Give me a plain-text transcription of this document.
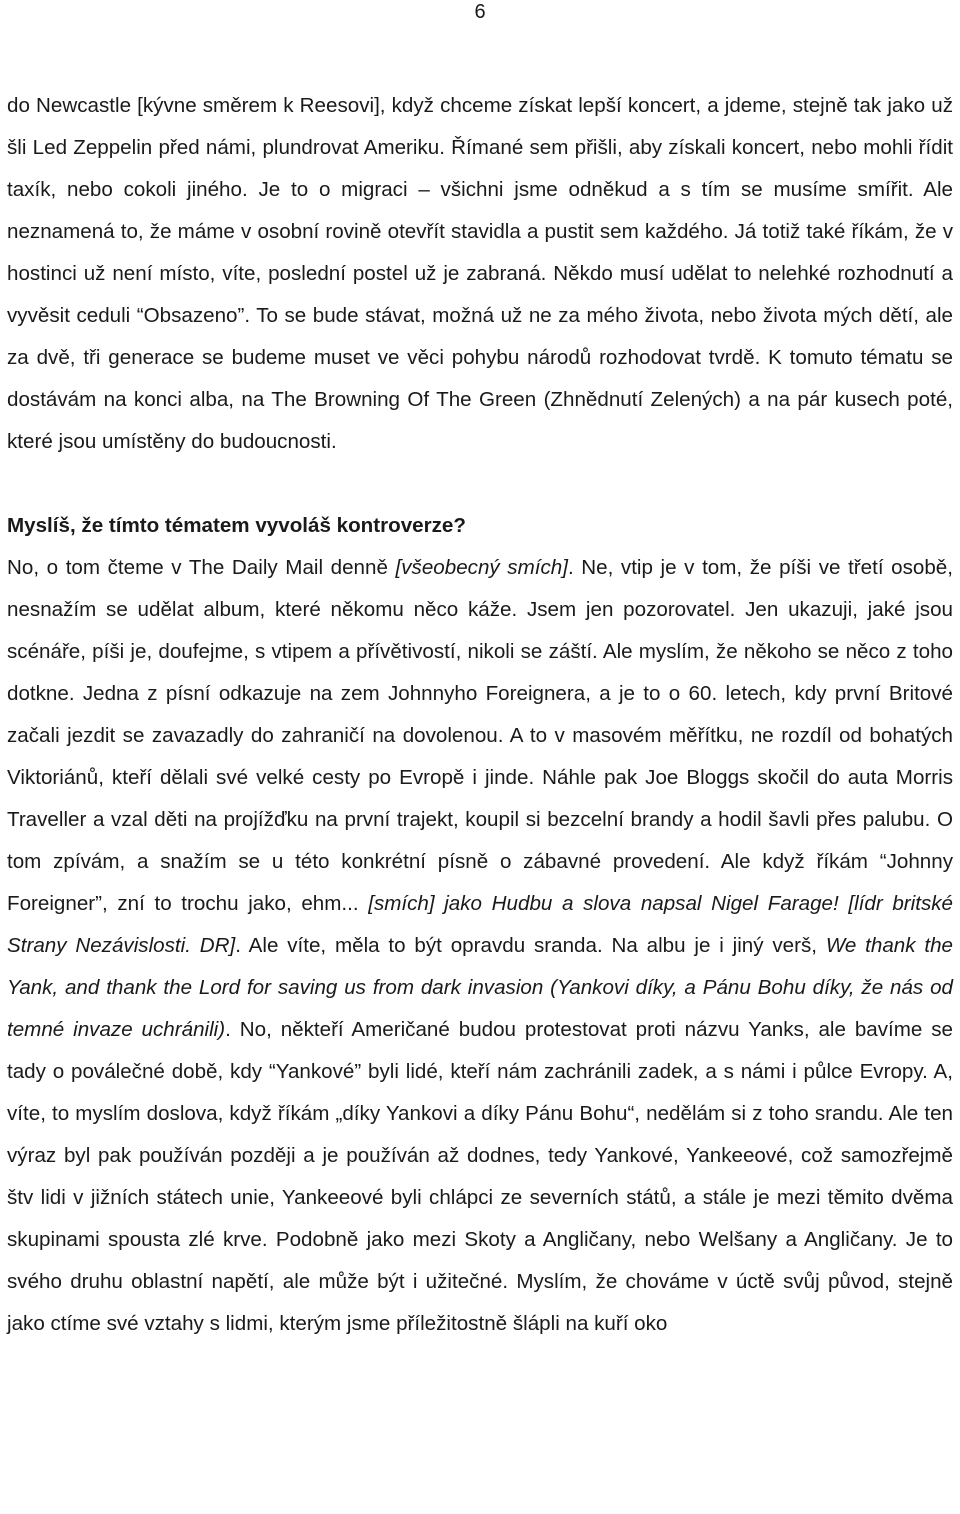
6

do Newcastle [kývne směrem k Reesovi], když chceme získat lepší koncert, a jdeme, stejně tak jako už šli Led Zeppelin před námi, plundrovat Ameriku. Římané sem přišli, aby získali koncert, nebo mohli řídit taxík, nebo cokoli jiného. Je to o migraci – všichni jsme odněkud a s tím se musíme smířit. Ale neznamená to, že máme v osobní rovině otevřít stavidla a pustit sem každého. Já totiž také říkám, že v hostinci už není místo, víte, poslední postel už je zabraná. Někdo musí udělat to nelehké rozhodnutí a vyvěsit ceduli “Obsazeno”. To se bude stávat, možná už ne za mého života, nebo života mých dětí, ale za dvě, tři generace se budeme muset ve věci pohybu národů rozhodovat tvrdě. K tomuto tématu se dostávám na konci alba, na The Browning Of The Green (Zhnědnutí Zelených) a na pár kusech poté, které jsou umístěny do budoucnosti.

Myslíš, že tímto tématem vyvoláš kontroverze?

No, o tom čteme v The Daily Mail denně [všeobecný smích]. Ne, vtip je v tom, že píši ve třetí osobě, nesnažím se udělat album, které někomu něco káže. Jsem jen pozorovatel. Jen ukazuji, jaké jsou scénáře, píši je, doufejme, s vtipem a přívětivostí, nikoli se záští. Ale myslím, že někoho se něco z toho dotkne. Jedna z písní odkazuje na zem Johnnyho Foreignera, a je to o 60. letech, kdy první Britové začali jezdit se zavazadly do zahraničí na dovolenou. A to v masovém měřítku, ne rozdíl od bohatých Viktoriánů, kteří dělali své velké cesty po Evropě i jinde. Náhle pak Joe Bloggs skočil do auta Morris Traveller a vzal děti na projížďku na první trajekt, koupil si bezcelní brandy a hodil šavli přes palubu. O tom zpívám, a snažím se u této konkrétní písně o zábavné provedení. Ale když říkám “Johnny Foreigner”, zní to trochu jako, ehm... [smích] jako Hudbu a slova napsal Nigel Farage! [lídr britské Strany Nezávislosti. DR]. Ale víte, měla to být opravdu sranda. Na albu je i jiný verš, We thank the Yank, and thank the Lord for saving us from dark invasion (Yankovi díky, a Pánu Bohu díky, že nás od temné invaze uchránili). No, někteří Američané budou protestovat proti názvu Yanks, ale bavíme se tady o poválečné době, kdy “Yankové” byli lidé, kteří nám zachránili zadek, a s námi i půlce Evropy. A, víte, to myslím doslova, když říkám „díky Yankovi a díky Pánu Bohu“, nedělám si z toho srandu. Ale ten výraz byl pak používán později a je používán až dodnes, tedy Yankové, Yankeeové, což samozřejmě štv lidi v jižních státech unie, Yankeeové byli chlápci ze severních států, a stále je mezi těmito dvěma skupinami spousta zlé krve. Podobně jako mezi Skoty a Angličany, nebo Welšany a Angličany. Je to svého druhu oblastní napětí, ale může být i užitečné. Myslím, že chováme v úctě svůj původ, stejně jako ctíme své vztahy s lidmi, kterým jsme příležitostně šlápli na kuří oko
